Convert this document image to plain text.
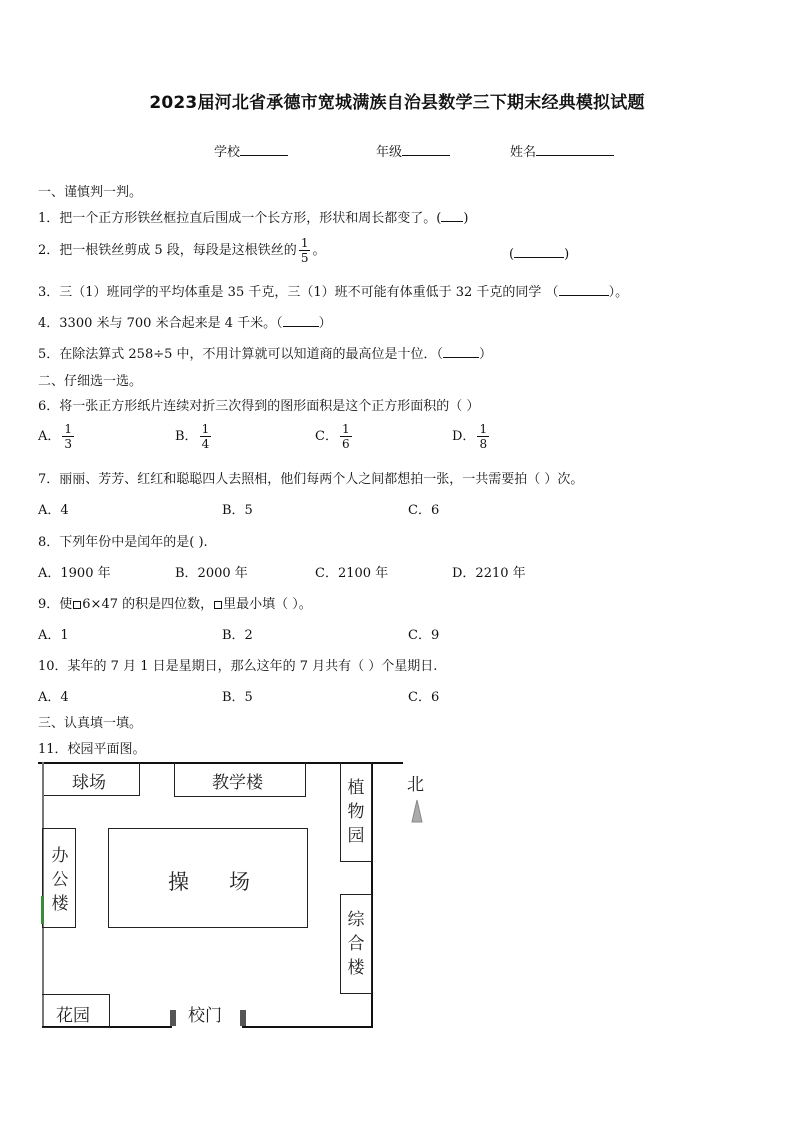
2023届河北省承德市宽城满族自治县数学三下期末经典模拟试题
学校	年级	姓名
一、谨慎判一判。
1．把一个正方形铁丝框拉直后围成一个长方形，形状和周长都变了。( )
2．把一根铁丝剪成 5 段，每段是这根铁丝的 $\frac{1}{5}$ 。	(	)
3．三（1）班同学的平均体重是 35 千克，三（1）班不可能有体重低于 32 千克的同学 （	）。
4．3300 米与 700 米合起来是 4 千米。（	）
5．在除法算式 258÷5 中，不用计算就可以知道商的最高位是十位．（	）
二、仔细选一选。
6．将一张正方形纸片连续对折三次得到的图形面积是这个正方形面积的（ ）
A． $\frac{1}{3}$	B． $\frac{1}{4}$	C． $\frac{1}{6}$	D． $\frac{1}{8}$
7．丽丽、芳芳、红红和聪聪四人去照相，他们每两个人之间都想拍一张，一共需要拍（ ）次。
A．4	B．5	C．6
8．下列年份中是闰年的是( ).
A．1900 年	B．2000 年	C．2100 年	D．2210 年
9．使 6×47 的积是四位数， 里最小填（ ）。
A．1	B．2	C．9
10．某年的 7 月 1 日是星期日，那么这年的 7 月共有（ ）个星期日.
A．4	B．5	C．6
三、认真填一填。
11．校园平面图。
球场	教学楼	植物园
北
办公楼
操      场
综合楼
花园	校门
